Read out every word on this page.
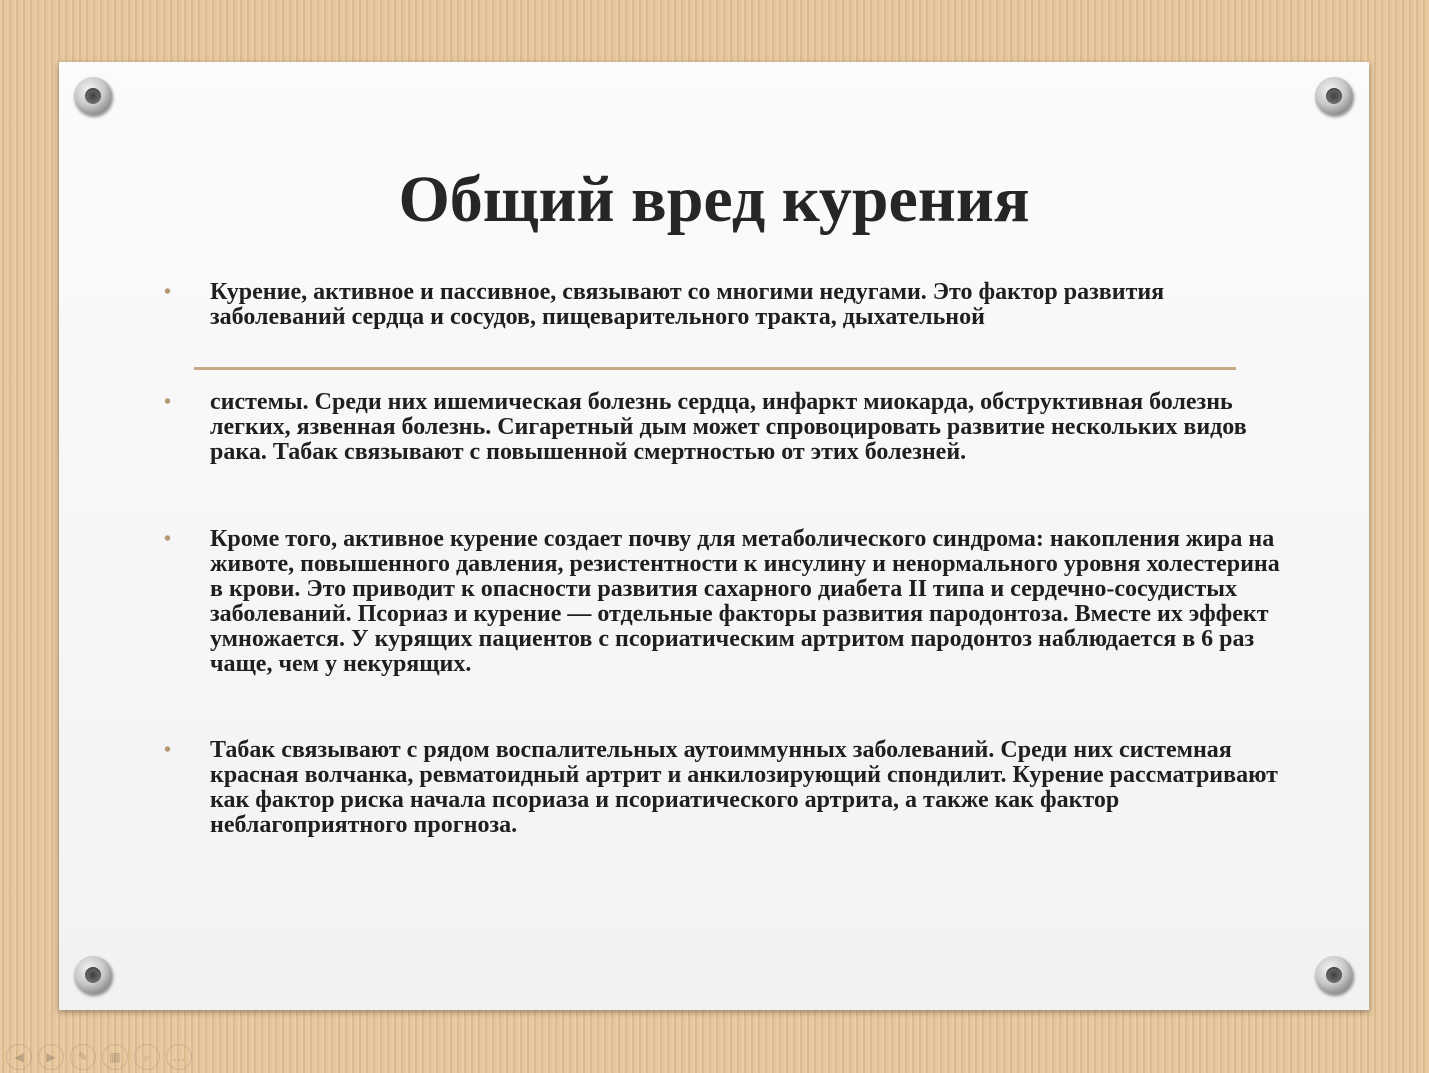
Общий вред курения
• Курение, активное и пассивное, связывают со многими недугами. Это фактор развития заболеваний сердца и сосудов, пищеварительного тракта, дыхательной
• системы. Среди них ишемическая болезнь сердца, инфаркт миокарда, обструктивная болезнь легких, язвенная болезнь. Сигаретный дым может спровоцировать развитие нескольких видов рака. Табак связывают с повышенной смертностью от этих болезней.
• Кроме того, активное курение создает почву для метаболического синдрома: накопления жира на животе, повышенного давления, резистентности к инсулину и ненормального уровня холестерина в крови. Это приводит к опасности развития сахарного диабета II типа и сердечно-сосудистых заболеваний. Псориаз и курение — отдельные факторы развития пародонтоза. Вместе их эффект умножается. У курящих пациентов с псориатическим артритом пародонтоз наблюдается в 6 раз чаще, чем у некурящих.
• Табак связывают с рядом воспалительных аутоиммунных заболеваний. Среди них системная красная волчанка, ревматоидный артрит и анкилозирующий спондилит. Курение рассматривают как фактор риска начала псориаза и псориатического артрита, а также как фактор неблагоприятного прогноза.
◀	▶	✎	▦	⌕	…
